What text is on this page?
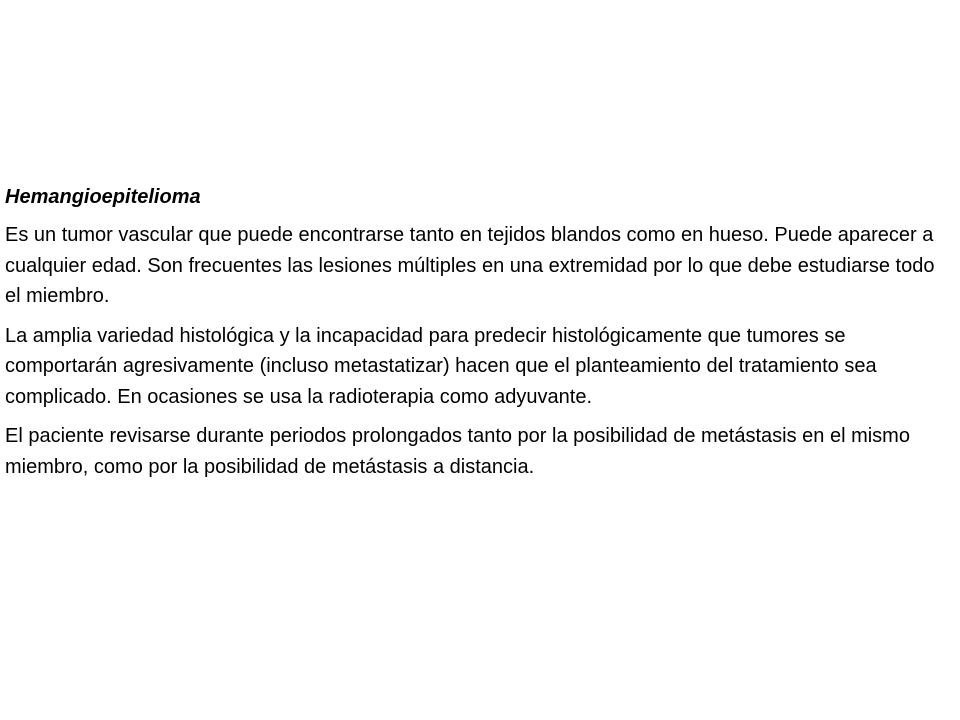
Hemangioepitelioma

Es un tumor vascular que puede encontrarse tanto en tejidos blandos como en hueso. Puede aparecer a cualquier edad. Son frecuentes las lesiones múltiples en una extremidad por lo que debe estudiarse todo el miembro.

La amplia variedad histológica y la incapacidad para predecir histológicamente que tumores se comportarán agresivamente (incluso metastatizar) hacen que el planteamiento del tratamiento sea complicado. En ocasiones se usa la radioterapia como adyuvante.

El paciente revisarse durante periodos prolongados tanto por la posibilidad de metástasis en el mismo miembro, como por la posibilidad de metástasis a distancia.
